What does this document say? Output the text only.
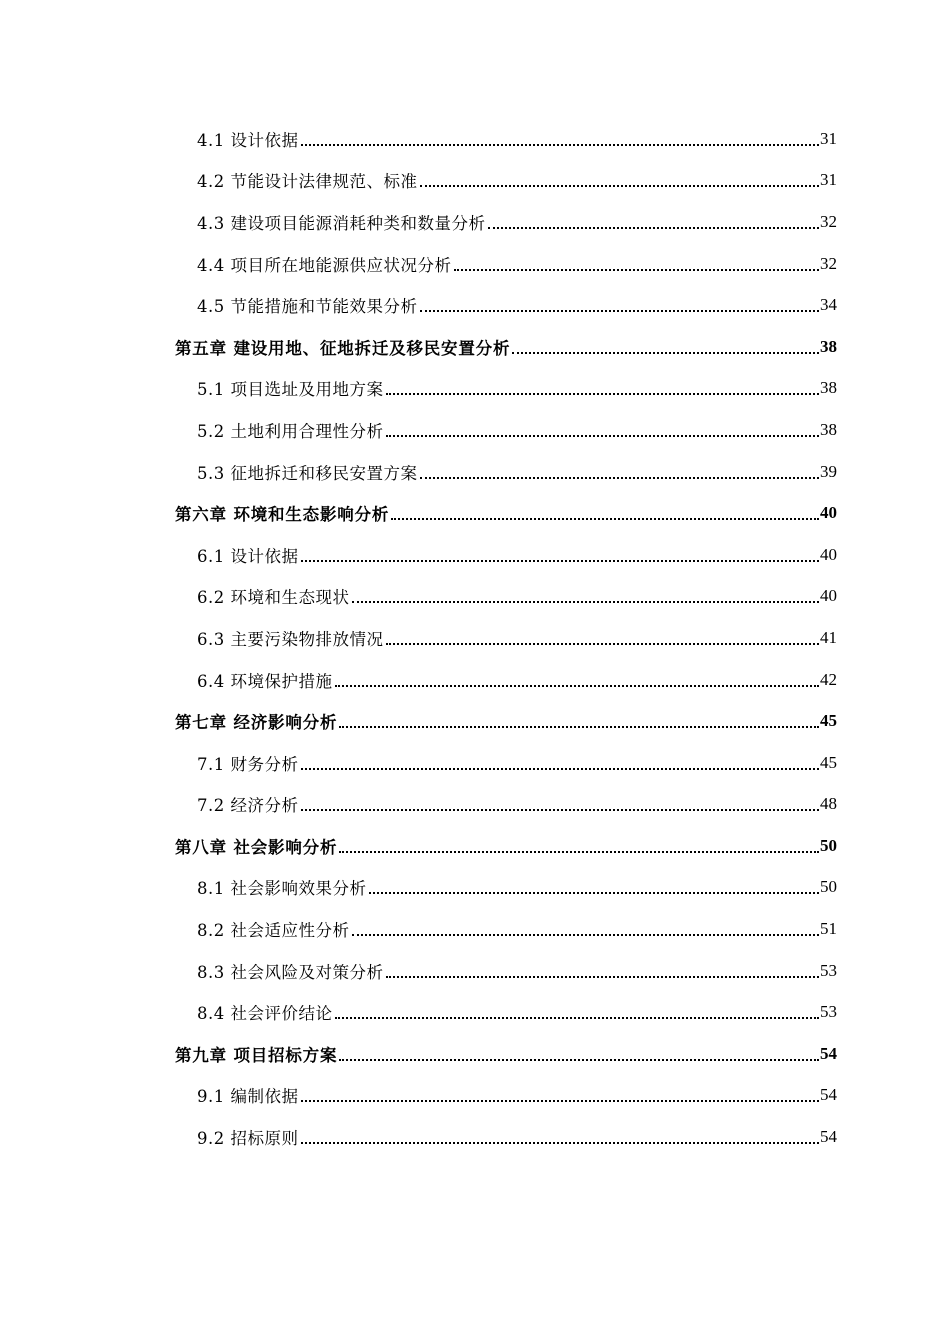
4.1 设计依据	31
4.2 节能设计法律规范、标准	31
4.3 建设项目能源消耗种类和数量分析	32
4.4 项目所在地能源供应状况分析	32
4.5 节能措施和节能效果分析	34
第五章 建设用地、征地拆迁及移民安置分析	38
5.1 项目选址及用地方案	38
5.2 土地利用合理性分析	38
5.3 征地拆迁和移民安置方案	39
第六章 环境和生态影响分析	40
6.1 设计依据	40
6.2 环境和生态现状	40
6.3 主要污染物排放情况	41
6.4 环境保护措施	42
第七章 经济影响分析	45
7.1 财务分析	45
7.2 经济分析	48
第八章 社会影响分析	50
8.1 社会影响效果分析	50
8.2 社会适应性分析	51
8.3 社会风险及对策分析	53
8.4 社会评价结论	53
第九章 项目招标方案	54
9.1 编制依据	54
9.2 招标原则	54
